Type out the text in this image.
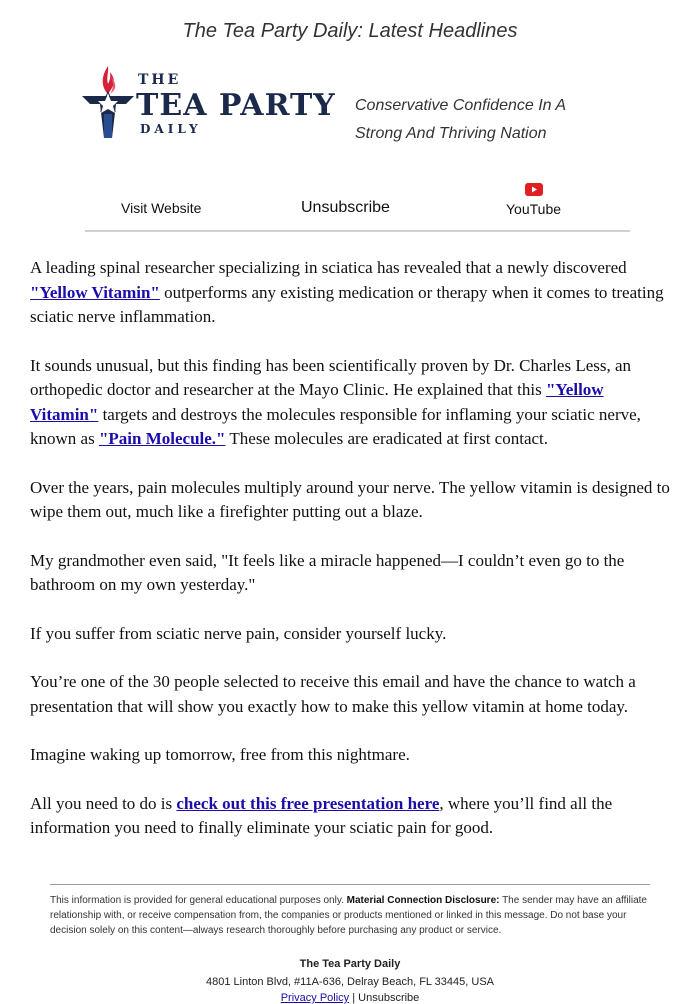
The Tea Party Daily: Latest Headlines
THE
TEA PARTY
DAILY
Conservative Confidence In A
Strong And Thriving Nation
Visit Website	Unsubscribe	YouTube

A leading spinal researcher specializing in sciatica has revealed that a newly discovered "Yellow Vitamin" outperforms any existing medication or therapy when it comes to treating sciatic nerve inflammation.

It sounds unusual, but this finding has been scientifically proven by Dr. Charles Less, an orthopedic doctor and researcher at the Mayo Clinic. He explained that this "Yellow Vitamin" targets and destroys the molecules responsible for inflaming your sciatic nerve, known as "Pain Molecule." These molecules are eradicated at first contact.

Over the years, pain molecules multiply around your nerve. The yellow vitamin is designed to wipe them out, much like a firefighter putting out a blaze.

My grandmother even said, "It feels like a miracle happened—I couldn’t even go to the bathroom on my own yesterday."

If you suffer from sciatic nerve pain, consider yourself lucky.

You’re one of the 30 people selected to receive this email and have the chance to watch a presentation that will show you exactly how to make this yellow vitamin at home today.

Imagine waking up tomorrow, free from this nightmare.

All you need to do is check out this free presentation here, where you’ll find all the information you need to finally eliminate your sciatic pain for good.

This information is provided for general educational purposes only. Material Connection Disclosure: The sender may have an affiliate relationship with, or receive compensation from, the companies or products mentioned or linked in this message. Do not base your decision solely on this content—always research thoroughly before purchasing any product or service.

The Tea Party Daily
4801 Linton Blvd, #11A-636, Delray Beach, FL 33445, USA
Privacy Policy | Unsubscribe
